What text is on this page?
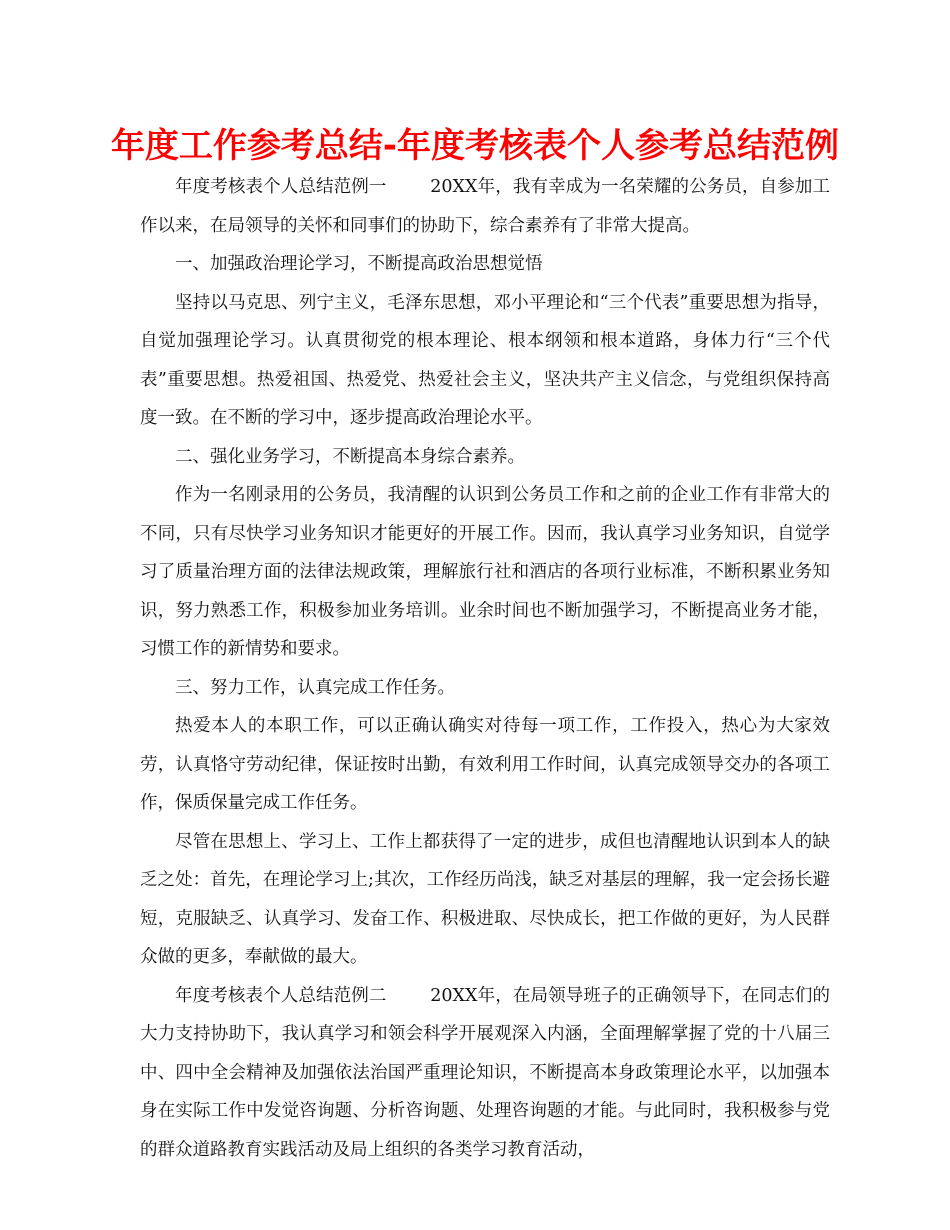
年度工作参考总结-年度考核表个人参考总结范例

年度考核表个人总结范例一	20XX年，我有幸成为一名荣耀的公务员，自参加工作以来，在局领导的关怀和同事们的协助下，综合素养有了非常大提高。

一、加强政治理论学习，不断提高政治思想觉悟

坚持以马克思、列宁主义，毛泽东思想，邓小平理论和“三个代表”重要思想为指导，自觉加强理论学习。认真贯彻党的根本理论、根本纲领和根本道路，身体力行“三个代表”重要思想。热爱祖国、热爱党、热爱社会主义，坚决共产主义信念，与党组织保持高度一致。在不断的学习中，逐步提高政治理论水平。

二、强化业务学习，不断提高本身综合素养。

作为一名刚录用的公务员，我清醒的认识到公务员工作和之前的企业工作有非常大的不同，只有尽快学习业务知识才能更好的开展工作。因而，我认真学习业务知识，自觉学习了质量治理方面的法律法规政策，理解旅行社和酒店的各项行业标准，不断积累业务知识，努力熟悉工作，积极参加业务培训。业余时间也不断加强学习，不断提高业务才能，习惯工作的新情势和要求。

三、努力工作，认真完成工作任务。

热爱本人的本职工作，可以正确认确实对待每一项工作，工作投入，热心为大家效劳，认真恪守劳动纪律，保证按时出勤，有效利用工作时间，认真完成领导交办的各项工作，保质保量完成工作任务。

尽管在思想上、学习上、工作上都获得了一定的进步，成但也清醒地认识到本人的缺乏之处：首先，在理论学习上;其次，工作经历尚浅，缺乏对基层的理解，我一定会扬长避短，克服缺乏、认真学习、发奋工作、积极进取、尽快成长，把工作做的更好，为人民群众做的更多，奉献做的最大。

年度考核表个人总结范例二	20XX年，在局领导班子的正确领导下，在同志们的大力支持协助下，我认真学习和领会科学开展观深入内涵，全面理解掌握了党的十八届三中、四中全会精神及加强依法治国严重理论知识，不断提高本身政策理论水平，以加强本身在实际工作中发觉咨询题、分析咨询题、处理咨询题的才能。与此同时，我积极参与党的群众道路教育实践活动及局上组织的各类学习教育活动，
